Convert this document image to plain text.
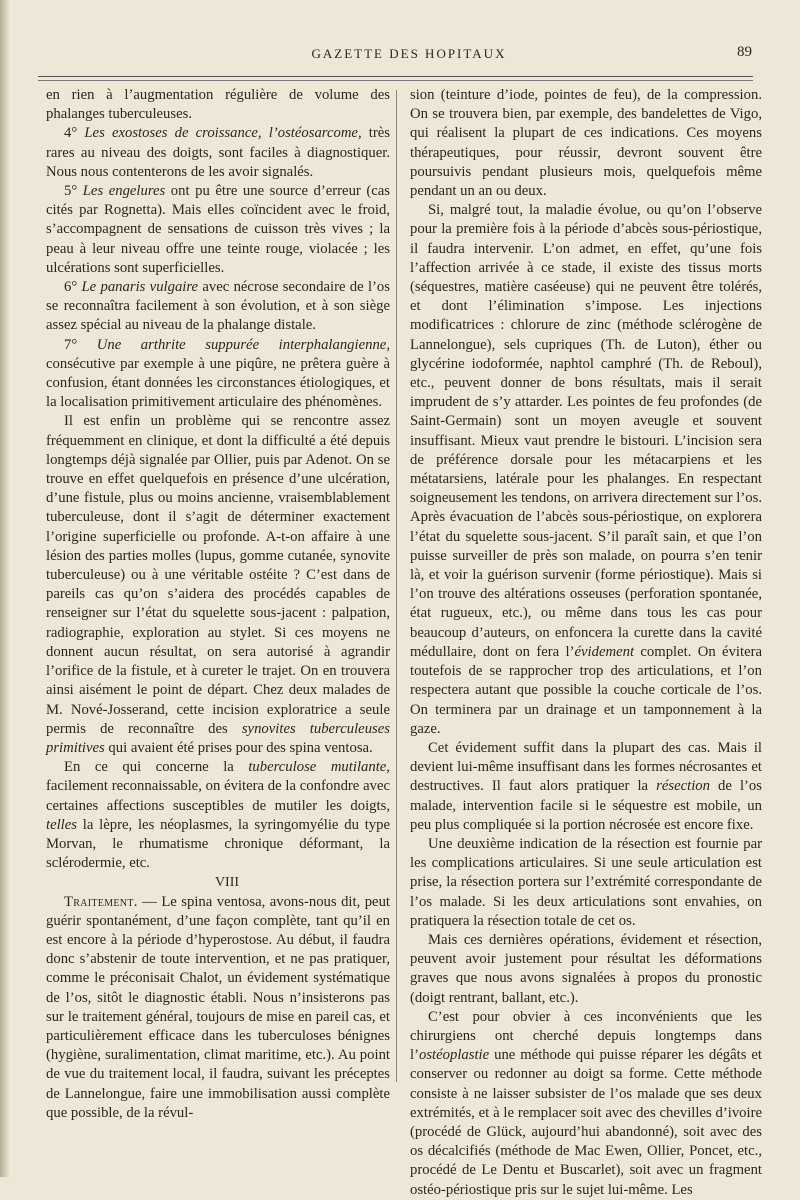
GAZETTE DES HOPITAUX	89

en rien à l’augmentation régulière de volume des phalanges tuberculeuses.

4° Les exostoses de croissance, l’ostéosarcome, très rares au niveau des doigts, sont faciles à diagnostiquer. Nous nous contenterons de les avoir signalés.

5° Les engelures ont pu être une source d’erreur (cas cités par Rognetta). Mais elles coïncident avec le froid, s’accompagnent de sensations de cuisson très vives ; la peau à leur niveau offre une teinte rouge, violacée ; les ulcérations sont superficielles.

6° Le panaris vulgaire avec nécrose secondaire de l’os se reconnaîtra facilement à son évolution, et à son siège assez spécial au niveau de la phalange distale.

7° Une arthrite suppurée interphalangienne, consécutive par exemple à une piqûre, ne prêtera guère à confusion, étant données les circonstances étiologiques, et la localisation primitivement articulaire des phénomènes.

Il est enfin un problème qui se rencontre assez fréquemment en clinique, et dont la difficulté a été depuis longtemps déjà signalée par Ollier, puis par Adenot. On se trouve en effet quelquefois en présence d’une ulcération, d’une fistule, plus ou moins ancienne, vraisemblablement tuberculeuse, dont il s’agit de déterminer exactement l’origine superficielle ou profonde. A-t-on affaire à une lésion des parties molles (lupus, gomme cutanée, synovite tuberculeuse) ou à une véritable ostéite ? C’est dans de pareils cas qu’on s’aidera des procédés capables de renseigner sur l’état du squelette sous-jacent : palpation, radiographie, exploration au stylet. Si ces moyens ne donnent aucun résultat, on sera autorisé à agrandir l’orifice de la fistule, et à cureter le trajet. On en trouvera ainsi aisément le point de départ. Chez deux malades de M. Nové-Josserand, cette incision exploratrice a seule permis de reconnaître des synovites tuberculeuses primitives qui avaient été prises pour des spina ventosa.

En ce qui concerne la tuberculose mutilante, facilement reconnaissable, on évitera de la confondre avec certaines affections susceptibles de mutiler les doigts, telles la lèpre, les néoplasmes, la syringomyélie du type Morvan, le rhumatisme chronique déformant, la sclérodermie, etc.

VIII

Traitement. — Le spina ventosa, avons-nous dit, peut guérir spontanément, d’une façon complète, tant qu’il en est encore à la période d’hyperostose. Au début, il faudra donc s’abstenir de toute intervention, et ne pas pratiquer, comme le préconisait Chalot, un évidement systématique de l’os, sitôt le diagnostic établi. Nous n’insisterons pas sur le traitement général, toujours de mise en pareil cas, et particulièrement efficace dans les tuberculoses bénignes (hygiène, suralimentation, climat maritime, etc.). Au point de vue du traitement local, il faudra, suivant les préceptes de Lannelongue, faire une immobilisation aussi complète que possible, de la révul-

sion (teinture d’iode, pointes de feu), de la compression. On se trouvera bien, par exemple, des bandelettes de Vigo, qui réalisent la plupart de ces indications. Ces moyens thérapeutiques, pour réussir, devront souvent être poursuivis pendant plusieurs mois, quelquefois même pendant un an ou deux.

Si, malgré tout, la maladie évolue, ou qu’on l’observe pour la première fois à la période d’abcès sous-périostique, il faudra intervenir. L’on admet, en effet, qu’une fois l’affection arrivée à ce stade, il existe des tissus morts (séquestres, matière caséeuse) qui ne peuvent être tolérés, et dont l’élimination s’impose. Les injections modificatrices : chlorure de zinc (méthode sclérogène de Lannelongue), sels cupriques (Th. de Luton), éther ou glycérine iodoformée, naphtol camphré (Th. de Reboul), etc., peuvent donner de bons résultats, mais il serait imprudent de s’y attarder. Les pointes de feu profondes (de Saint-Germain) sont un moyen aveugle et souvent insuffisant. Mieux vaut prendre le bistouri. L’incision sera de préférence dorsale pour les métacarpiens et les métatarsiens, latérale pour les phalanges. En respectant soigneusement les tendons, on arrivera directement sur l’os. Après évacuation de l’abcès sous-périostique, on explorera l’état du squelette sous-jacent. S’il paraît sain, et que l’on puisse surveiller de près son malade, on pourra s’en tenir là, et voir la guérison survenir (forme périostique). Mais si l’on trouve des altérations osseuses (perforation spontanée, état rugueux, etc.), ou même dans tous les cas pour beaucoup d’auteurs, on enfoncera la curette dans la cavité médullaire, dont on fera l’évidement complet. On évitera toutefois de se rapprocher trop des articulations, et l’on respectera autant que possible la couche corticale de l’os. On terminera par un drainage et un tamponnement à la gaze.

Cet évidement suffit dans la plupart des cas. Mais il devient lui-même insuffisant dans les formes nécrosantes et destructives. Il faut alors pratiquer la résection de l’os malade, intervention facile si le séquestre est mobile, un peu plus compliquée si la portion nécrosée est encore fixe.

Une deuxième indication de la résection est fournie par les complications articulaires. Si une seule articulation est prise, la résection portera sur l’extrémité correspondante de l’os malade. Si les deux articulations sont envahies, on pratiquera la résection totale de cet os.

Mais ces dernières opérations, évidement et résection, peuvent avoir justement pour résultat les déformations graves que nous avons signalées à propos du pronostic (doigt rentrant, ballant, etc.).

C’est pour obvier à ces inconvénients que les chirurgiens ont cherché depuis longtemps dans l’ostéoplastie une méthode qui puisse réparer les dégâts et conserver ou redonner au doigt sa forme. Cette méthode consiste à ne laisser subsister de l’os malade que ses deux extrémités, et à le remplacer soit avec des chevilles d’ivoire (procédé de Glück, aujourd’hui abandonné), soit avec des os décalcifiés (méthode de Mac Ewen, Ollier, Poncet, etc., procédé de Le Dentu et Buscarlet), soit avec un fragment ostéo-périostique pris sur le sujet lui-même. Les
